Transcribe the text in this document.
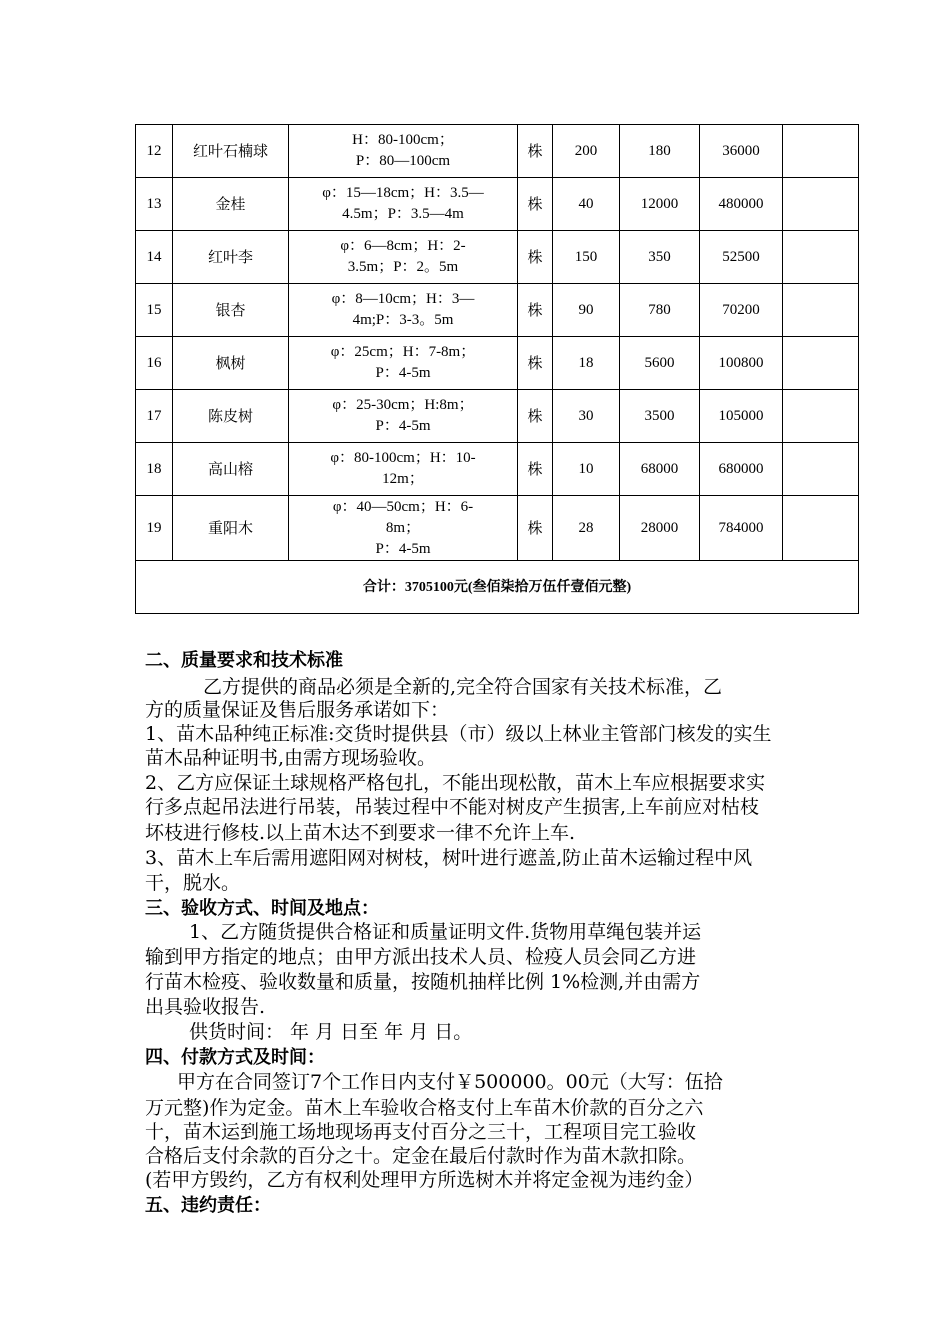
12	红叶石楠球	H：80-100cm；
P：80—100cm	株	200	180	36000	
13	金桂	φ：15—18cm；H：3.5—
4.5m；P：3.5—4m	株	40	12000	480000	
14	红叶李	φ：6—8cm；H：2-
3.5m；P：2。5m	株	150	350	52500	
15	银杏	φ：8—10cm；H：3—
4m;P：3-3。5m	株	90	780	70200	
16	枫树	φ：25cm；H：7-8m；
P：4-5m	株	18	5600	100800	
17	陈皮树	φ：25-30cm；H:8m；
P：4-5m	株	30	3500	105000	
18	高山榕	φ：80-100cm；H：10-
12m；	株	10	68000	680000	
19	重阳木	φ：40—50cm；H：6-
8m；
P：4-5m	株	28	28000	784000	
合计：3705100元(叁佰柒拾万伍仟壹佰元整)							
二、质量要求和技术标准
乙方提供的商品必须是全新的,完全符合国家有关技术标准，乙
方的质量保证及售后服务承诺如下：
1、苗木品种纯正标准:交货时提供县（市）级以上林业主管部门核发的实生
苗木品种证明书,由需方现场验收。
2、乙方应保证土球规格严格包扎，不能出现松散，苗木上车应根据要求实
行多点起吊法进行吊装，吊装过程中不能对树皮产生损害,上车前应对枯枝
坏枝进行修枝.以上苗木达不到要求一律不允许上车.
3、苗木上车后需用遮阳网对树枝，树叶进行遮盖,防止苗木运输过程中风
干，脱水。
三、验收方式、时间及地点：
1、乙方随货提供合格证和质量证明文件.货物用草绳包装并运
输到甲方指定的地点；由甲方派出技术人员、检疫人员会同乙方进
行苗木检疫、验收数量和质量，按随机抽样比例 1%检测,并由需方
出具验收报告.
供货时间： 年 月 日至 年 月 日。
四、付款方式及时间：
甲方在合同签订7个工作日内支付￥500000。00元（大写：伍拾
万元整)作为定金。苗木上车验收合格支付上车苗木价款的百分之六
十，苗木运到施工场地现场再支付百分之三十，工程项目完工验收
合格后支付余款的百分之十。定金在最后付款时作为苗木款扣除。
(若甲方毁约，乙方有权利处理甲方所选树木并将定金视为违约金）
五、违约责任：
